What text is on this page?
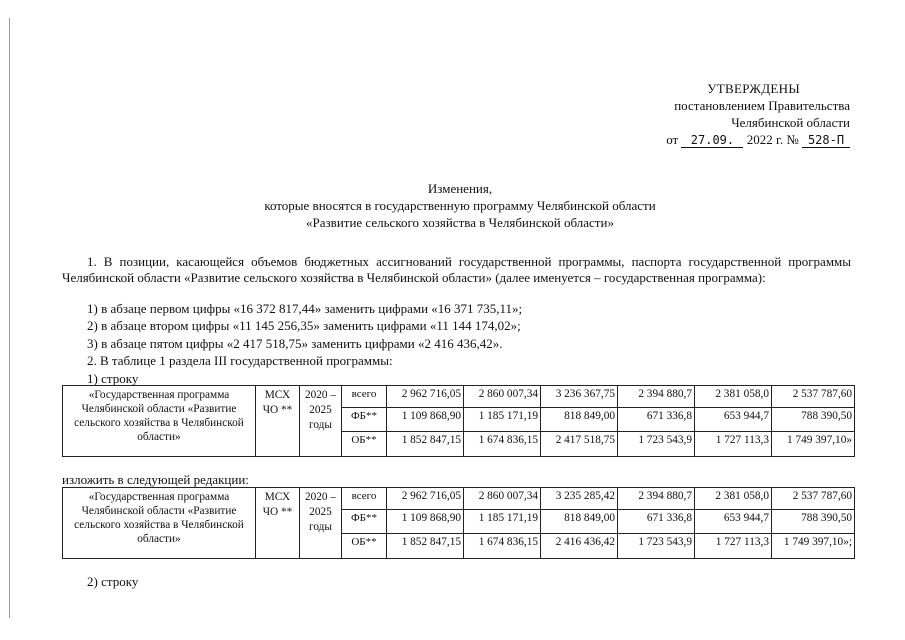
УТВЕРЖДЕНЫ
постановлением Правительства
Челябинской области
от 27.09. 2022 г. № 528-П
Изменения,
которые вносятся в государственную программу Челябинской области
«Развитие сельского хозяйства в Челябинской области»

1. В позиции, касающейся объемов бюджетных ассигнований государственной программы, паспорта государственной программы Челябинской области «Развитие сельского хозяйства в Челябинской области» (далее именуется – государственная программа):

1) в абзаце первом цифры «16 372 817,44» заменить цифрами «16 371 735,11»;
2) в абзаце втором цифры «11 145 256,35» заменить цифрами «11 144 174,02»;
3) в абзаце пятом цифры «2 417 518,75» заменить цифрами «2 416 436,42».
2. В таблице 1 раздела III государственной программы:
1) строку
«Государственная программа Челябинской области «Развитие сельского хозяйства в Челябинской области»	МСХ ЧО **	2020 – 2025 годы	всего	2 962 716,05	2 860 007,34	3 236 367,75	2 394 880,7	2 381 058,0	2 537 787,60
			ФБ**	1 109 868,90	1 185 171,19	818 849,00	671 336,8	653 944,7	788 390,50
			ОБ**	1 852 847,15	1 674 836,15	2 417 518,75	1 723 543,9	1 727 113,3	1 749 397,10»
изложить в следующей редакции:
«Государственная программа Челябинской области «Развитие сельского хозяйства в Челябинской области»	МСХ ЧО **	2020 – 2025 годы	всего	2 962 716,05	2 860 007,34	3 235 285,42	2 394 880,7	2 381 058,0	2 537 787,60
			ФБ**	1 109 868,90	1 185 171,19	818 849,00	671 336,8	653 944,7	788 390,50
			ОБ**	1 852 847,15	1 674 836,15	2 416 436,42	1 723 543,9	1 727 113,3	1 749 397,10»;
2) строку
